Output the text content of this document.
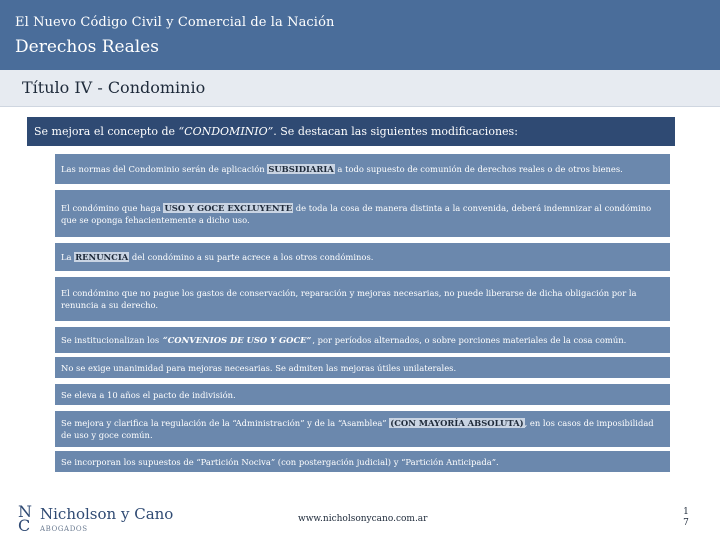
El Nuevo Código Civil y Comercial de la Nación
Derechos Reales
Título IV - Condominio
Se mejora el concepto de “CONDOMINIO”. Se destacan las siguientes modificaciones:
Las normas del Condominio serán de aplicación SUBSIDIARIA a todo supuesto de comunión de derechos reales o de otros bienes.
El condómino que haga USO Y GOCE EXCLUYENTE de toda la cosa de manera distinta a la convenida, deberá indemnizar al condómino que se oponga fehacientemente a dicho uso.
La RENUNCIA del condómino a su parte acrece a los otros condóminos.
El condómino que no pague los gastos de conservación, reparación y mejoras necesarias, no puede liberarse de dicha obligación por la renuncia a su derecho.
Se institucionalizan los “CONVENIOS DE USO Y GOCE”, por períodos alternados, o sobre porciones materiales de la cosa común.
No se exige unanimidad para mejoras necesarias. Se admiten las mejoras útiles unilaterales.
Se eleva a 10 años el pacto de indivisión.
Se mejora y clarifica la regulación de la “Administración” y de la “Asamblea” (CON MAYORÍA ABSOLUTA), en los casos de imposibilidad de uso y goce común.
Se incorporan los supuestos de “Partición Nociva” (con postergación judicial) y “Partición Anticipada”.
N
C
Nicholson y Cano
ABOGADOS
www.nicholsonycano.com.ar
1
7
